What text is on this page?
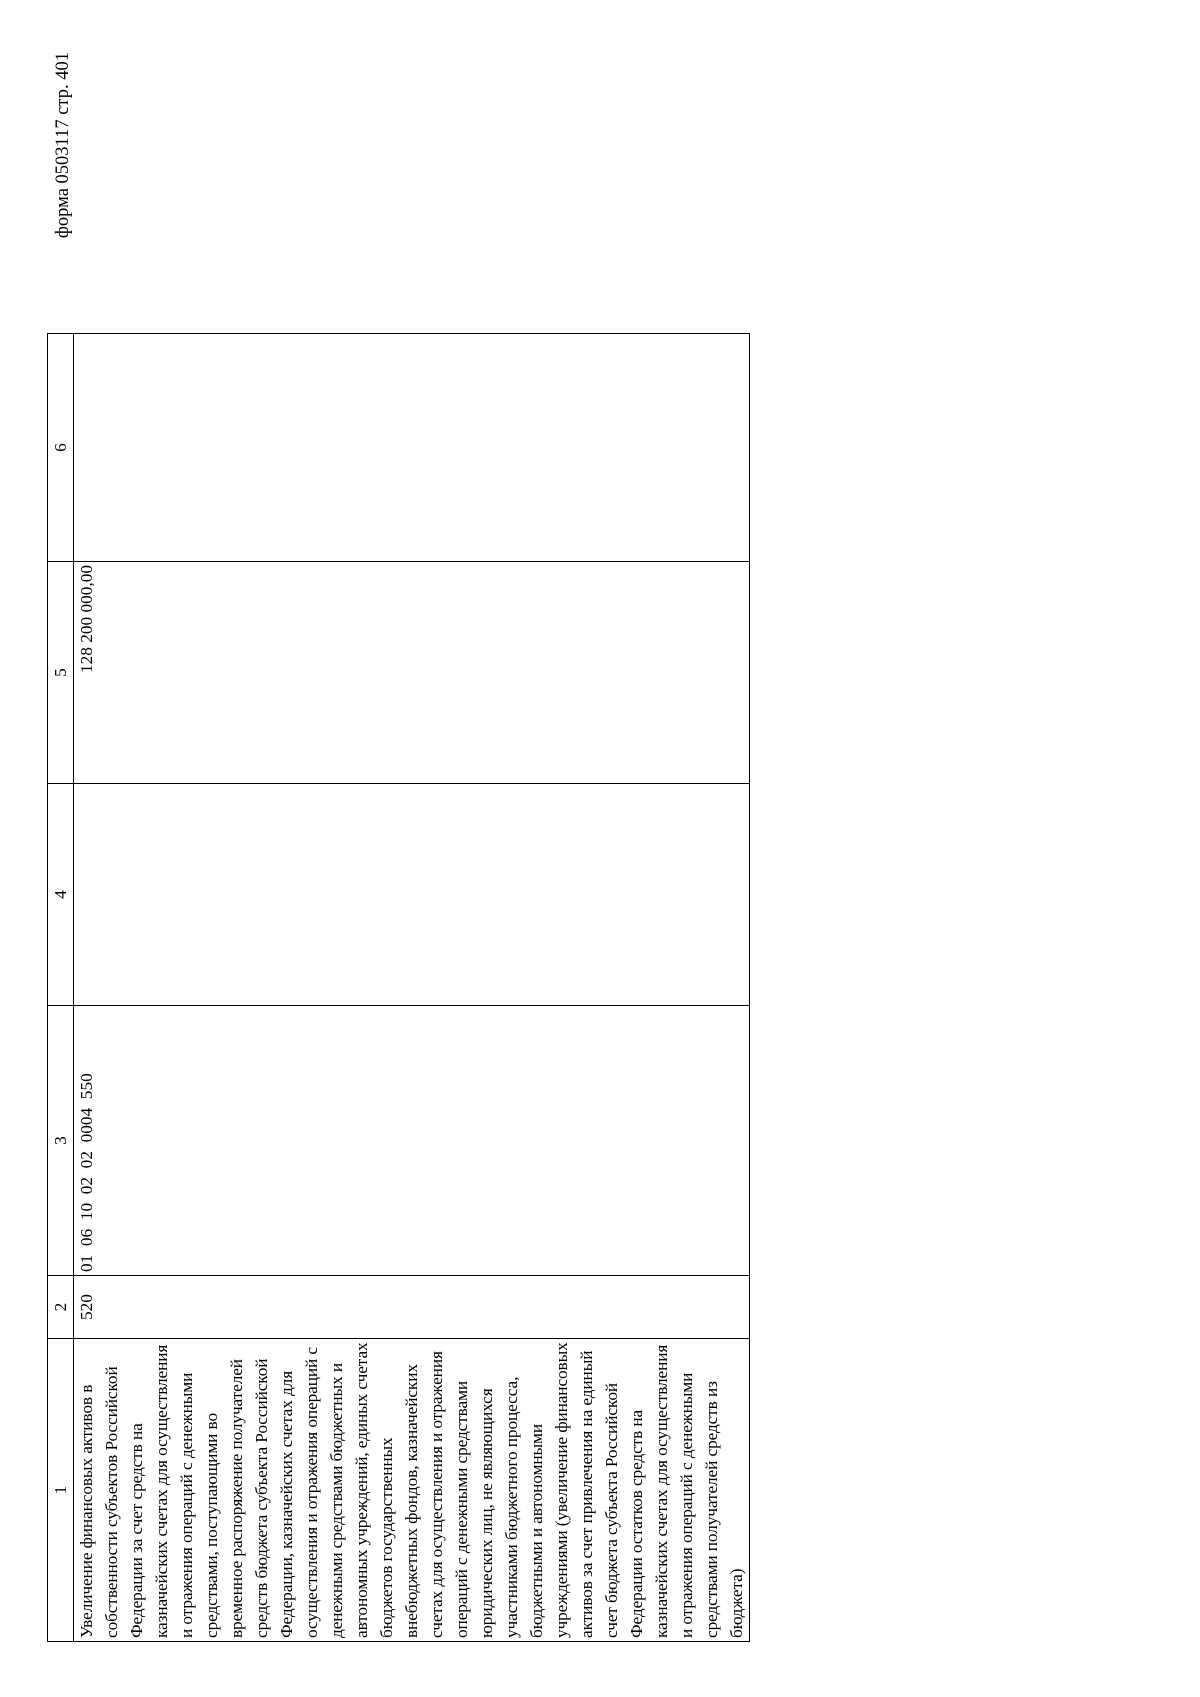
форма 0503117 стр. 401
1	2	3	4	5	6
Увеличение финансовых активов в собственности субъектов Российской Федерации за счет средств на казначейских счетах для осуществления и отражения операций с денежными средствами, поступающими во временное распоряжение получателей средств бюджета субъекта Российской Федерации, казначейских счетах для осуществления и отражения операций с денежными средствами бюджетных и автономных учреждений, единых счетах бюджетов государственных внебюджетных фондов, казначейских счетах для осуществления и отражения операций с денежными средствами юридических лиц, не являющихся участниками бюджетного процесса, бюджетными и автономными учреждениями (увеличение финансовых активов за счет привлечения на единый счет бюджета субъекта Российской Федерации остатков средств на казначейских счетах для осуществления и отражения операций с денежными средствами получателей средств из бюджета)	520	01  06  10  02  02  0004  550		128 200 000,00	
